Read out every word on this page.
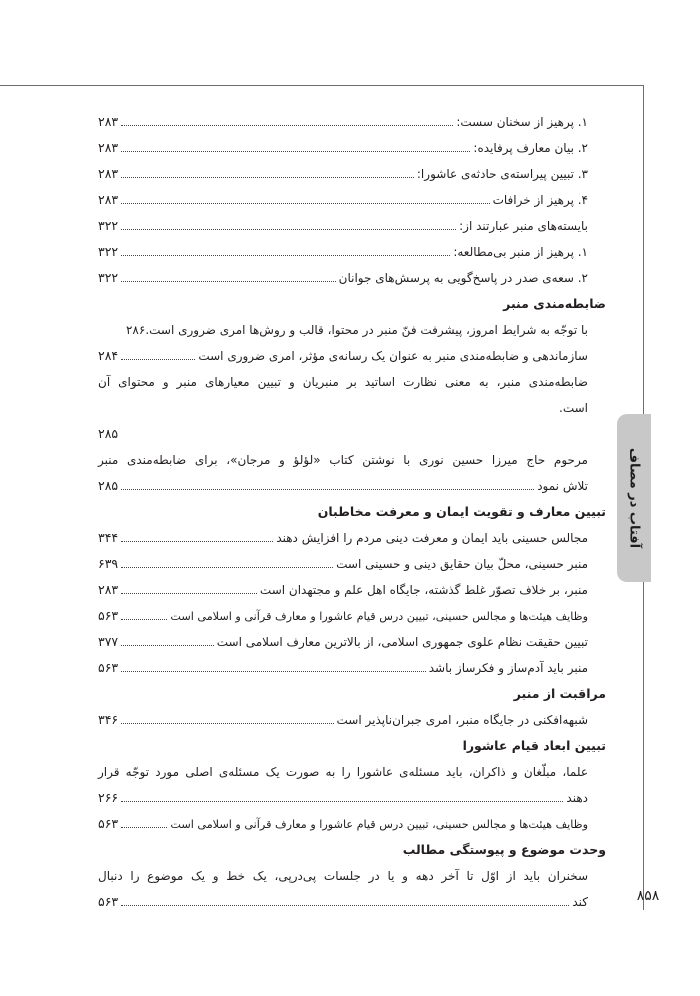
آفتاب در مصاف
۸۵۸
۱. پرهیز از سخنان سست:
۲۸۳
۲. بیان معارف پرفایده:
۲۸۳
۳. تبیین پیراسته‌ی حادثه‌ی عاشورا:
۲۸۳
۴. پرهیز از خرافات
۲۸۳
بایسته‌های منبر عبارتند از:
۳۲۲
۱. پرهیز از منبر بی‌مطالعه:
۳۲۲
۲. سعه‌ی صدر در پاسخ‌گویی به پرسش‌های جوانان
۳۲۲
ضابطه‌مندی منبر
با توجّه به شرایط امروز، پیشرفت فنّ منبر در محتوا، قالب و روش‌ها امری ضروری است.۲۸۶
سازماندهی و ضابطه‌مندی منبر به عنوان یک رسانه‌ی مؤثر، امری ضروری است
۲۸۴
ضابطه‌مندی منبر، به معنی نظارت اساتید بر منبریان و تبیین معیارهای منبر و محتوای آن
است.
۲۸۵
مرحوم حاج میرزا حسین نوری با نوشتن کتاب «لؤلؤ و مرجان»، برای ضابطه‌مندی منبر
تلاش نمود
۲۸۵
تبیین معارف و تقویت ایمان و معرفت مخاطبان
مجالس حسینی باید ایمان و معرفت دینی مردم را افزایش دهند
۳۴۴
منبر حسینی، محلّ بیان حقایق دینی و حسینی است
۶۳۹
منبر، بر خلاف تصوّر غلط گذشته، جایگاه اهل علم و مجتهدان است
۲۸۳
وظایف هیئت‌ها و مجالس حسینی، تبیین درس قیام عاشورا و معارف قرآنی و اسلامی است
۵۶۳
تبیین حقیقت نظام علوی جمهوری اسلامی، از بالاترین معارف اسلامی است
۳۷۷
منبر باید آدم‌ساز و فکرساز باشد
۵۶۳
مراقبت از منبر
شبهه‌افکنی در جایگاه منبر، امری جبران‌ناپذیر است
۳۴۶
تبیین ابعاد قیام عاشورا
علما، مبلّغان و ذاکران، باید مسئله‌ی عاشورا را به صورت یک مسئله‌ی اصلی مورد توجّه قرار
دهند
۲۶۶
وظایف هیئت‌ها و مجالس حسینی، تبیین درس قیام عاشورا و معارف قرآنی و اسلامی است
۵۶۳
وحدت موضوع و پیوستگی مطالب
سخنران باید از اوّل تا آخر دهه و یا در جلسات پی‌درپی، یک خط و یک موضوع را دنبال
کند
۵۶۳
